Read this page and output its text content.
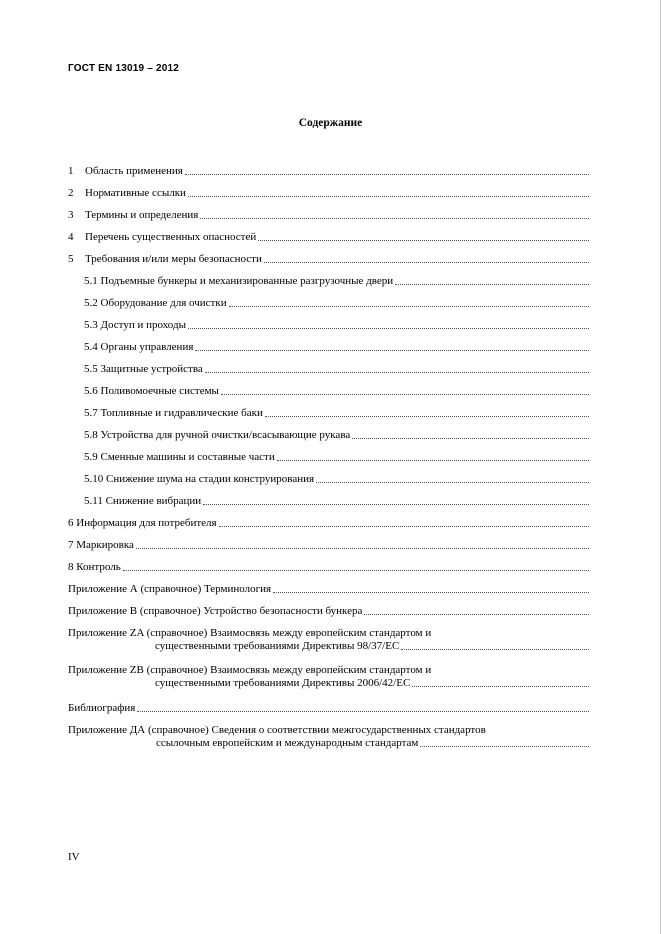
ГОСТ EN 13019 – 2012
Содержание
1	Область применения
2	Нормативные ссылки
3	Термины и определения
4	Перечень существенных опасностей
5	Требования и/или меры безопасности
5.1 Подъемные бункеры и механизированные разгрузочные двери
5.2 Оборудование для очистки
5.3 Доступ и проходы
5.4 Органы управления
5.5 Защитные устройства
5.6 Поливомоечные системы
5.7 Топливные и гидравлические баки
5.8 Устройства для ручной очистки/всасывающие рукава
5.9 Сменные машины и составные части
5.10 Снижение шума на стадии конструирования
5.11 Снижение вибрации
6 Информация для потребителя
7 Маркировка
8 Контроль
Приложение А (справочное) Терминология
Приложение В (справочное) Устройство безопасности бункера
Приложение ZA (справочное) Взаимосвязь между европейским стандартом и
существенными требованиями Директивы 98/37/ЕС
Приложение ZB (справочное) Взаимосвязь между европейским стандартом и
существенными требованиями Директивы 2006/42/ЕС
Библиография
Приложение ДА (справочное) Сведения о соответствии межгосударственных стандартов
ссылочным европейским и международным стандартам
IV
